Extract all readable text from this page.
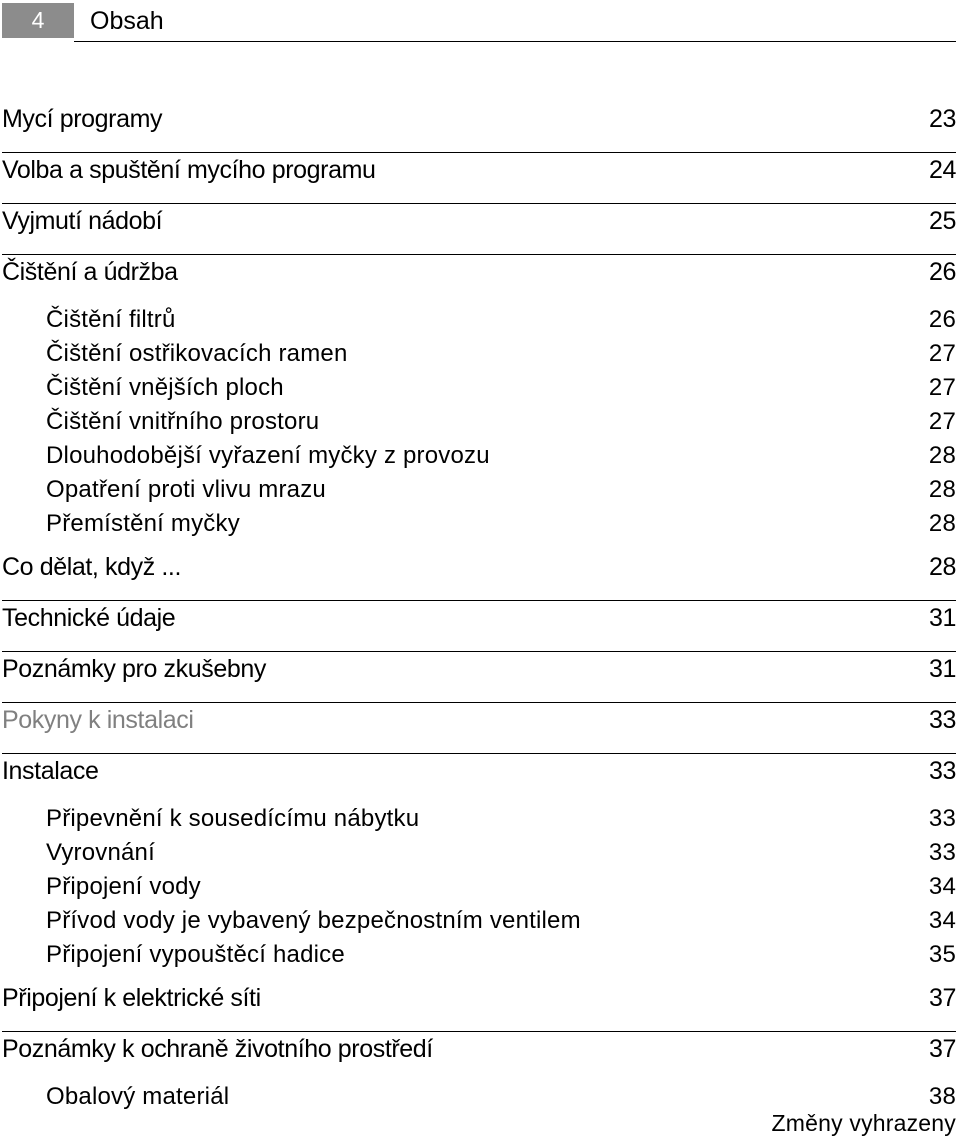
4	Obsah
Mycí programy	23
Volba a spuštění mycího programu	24
Vyjmutí nádobí	25
Čištění a údržba	26
Čištění filtrů	26
Čištění ostřikovacích ramen	27
Čištění vnějších ploch	27
Čištění vnitřního prostoru	27
Dlouhodobější vyřazení myčky z provozu	28
Opatření proti vlivu mrazu	28
Přemístění myčky	28
Co dělat, když ...	28
Technické údaje	31
Poznámky pro zkušebny	31
Pokyny k instalaci	33
Instalace	33
Připevnění k sousedícímu nábytku	33
Vyrovnání	33
Připojení vody	34
Přívod vody je vybavený bezpečnostním ventilem	34
Připojení vypouštěcí hadice	35
Připojení k elektrické síti	37
Poznámky k ochraně životního prostředí	37
Obalový materiál	38
Změny vyhrazeny
